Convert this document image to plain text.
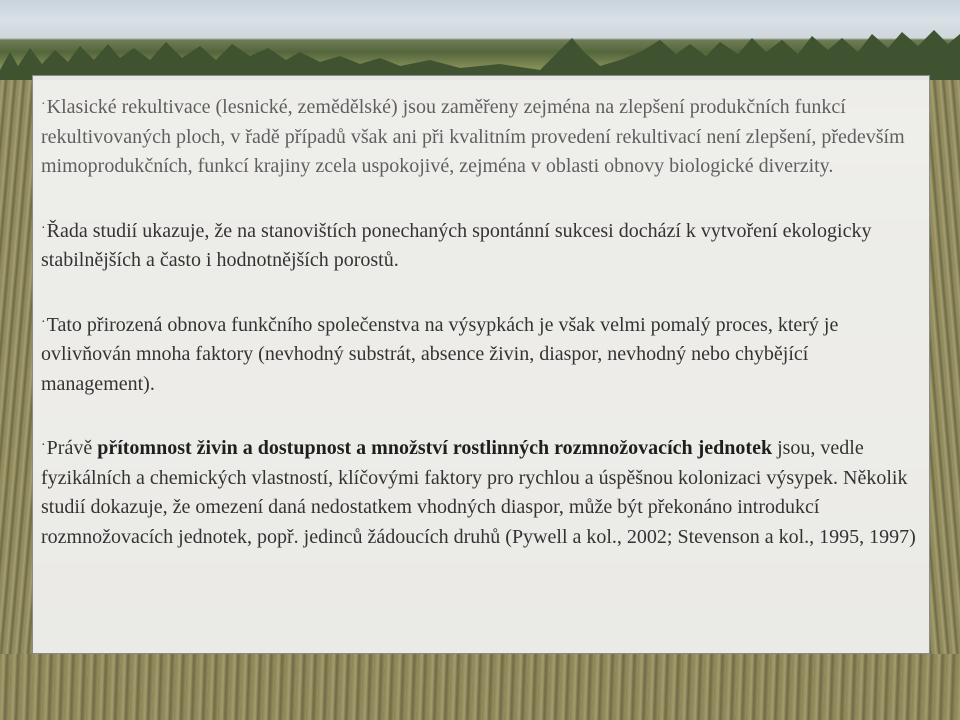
·Klasické rekultivace (lesnické, zemědělské) jsou zaměřeny zejména na zlepšení produkčních funkcí rekultivovaných ploch, v řadě případů však ani při kvalitním provedení rekultivací není zlepšení, především mimoprodukčních, funkcí krajiny zcela uspokojivé, zejména v oblasti obnovy biologické diverzity.

·Řada studií ukazuje, že na stanovištích ponechaných spontánní sukcesi dochází k vytvoření ekologicky stabilnějších a často i hodnotnějších porostů.

·Tato přirozená obnova funkčního společenstva na výsypkách je však velmi pomalý proces, který je ovlivňován mnoha faktory (nevhodný substrát, absence živin, diaspor, nevhodný nebo chybějící management).

·Právě přítomnost živin a dostupnost a množství rostlinných rozmnožovacích jednotek jsou, vedle fyzikálních a chemických vlastností, klíčovými faktory pro rychlou a úspěšnou kolonizaci výsypek. Několik studií dokazuje, že omezení daná nedostatkem vhodných diaspor, může být překonáno introdukcí rozmnožovacích jednotek, popř. jedinců žádoucích druhů (Pywell a kol., 2002; Stevenson a kol., 1995, 1997)
